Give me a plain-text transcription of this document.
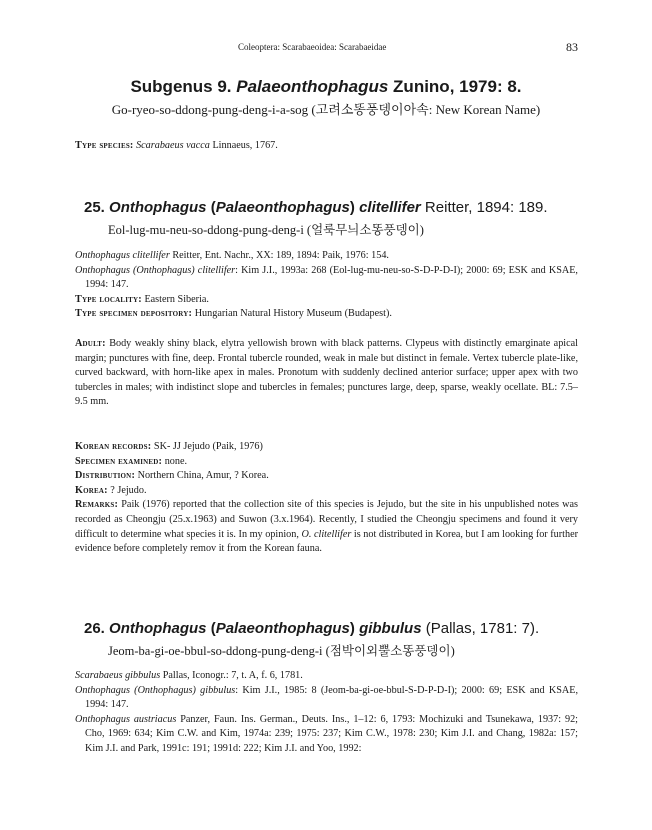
Coleoptera: Scarabaeoidea: Scarabaeidae	83
Subgenus 9. Palaeonthophagus Zunino, 1979: 8.
Go-ryeo-so-ddong-pung-deng-i-a-sog (고려소똥풍뎅이아속: New Korean Name)
Type species: Scarabaeus vacca Linnaeus, 1767.
25. Onthophagus (Palaeonthophagus) clitellifer Reitter, 1894: 189.
Eol-lug-mu-neu-so-ddong-pung-deng-i (얼룩무늬소똥풍뎅이)

Onthophagus clitellifer Reitter, Ent. Nachr., XX: 189, 1894: Paik, 1976: 154.

Onthophagus (Onthophagus) clitellifer: Kim J.I., 1993a: 268 (Eol-lug-mu-neu-so-S-D-P-D-I); 2000: 69; ESK and KSAE, 1994: 147.

Type locality: Eastern Siberia.

Type specimen depository: Hungarian Natural History Museum (Budapest).

Adult: Body weakly shiny black, elytra yellowish brown with black patterns. Clypeus with distinctly emarginate apical margin; punctures with fine, deep. Frontal tubercle rounded, weak in male but distinct in female. Vertex tubercle plate-like, curved backward, with horn-like apex in males. Pronotum with suddenly declined anterior surface; upper apex with two tubercles in males; with indistinct slope and tubercles in females; punctures large, deep, sparse, weakly ocellate. BL: 7.5–9.5 mm.

Korean records: SK- JJ Jejudo (Paik, 1976)

Specimen examined: none.

Distribution: Northern China, Amur, ? Korea.

Korea: ? Jejudo.

Remarks: Paik (1976) reported that the collection site of this species is Jejudo, but the site in his unpublished notes was recorded as Cheongju (25.x.1963) and Suwon (3.x.1964). Recently, I studied the Cheongju specimens and found it very difficult to determine what species it is. In my opinion, O. clitellifer is not distributed in Korea, but I am looking for further evidence before completely remov it from the Korean fauna.

26. Onthophagus (Palaeonthophagus) gibbulus (Pallas, 1781: 7).
Jeom-ba-gi-oe-bbul-so-ddong-pung-deng-i (점박이외뿔소똥풍뎅이)

Scarabaeus gibbulus Pallas, Iconogr.: 7, t. A, f. 6, 1781.

Onthophagus (Onthophagus) gibbulus: Kim J.I., 1985: 8 (Jeom-ba-gi-oe-bbul-S-D-P-D-I); 2000: 69; ESK and KSAE, 1994: 147.

Onthophagus austriacus Panzer, Faun. Ins. German., Deuts. Ins., 1–12: 6, 1793: Mochizuki and Tsunekawa, 1937: 92; Cho, 1969: 634; Kim C.W. and Kim, 1974a: 239; 1975: 237; Kim C.W., 1978: 230; Kim J.I. and Chang, 1982a: 157; Kim J.I. and Park, 1991c: 191; 1991d: 222; Kim J.I. and Yoo, 1992:
